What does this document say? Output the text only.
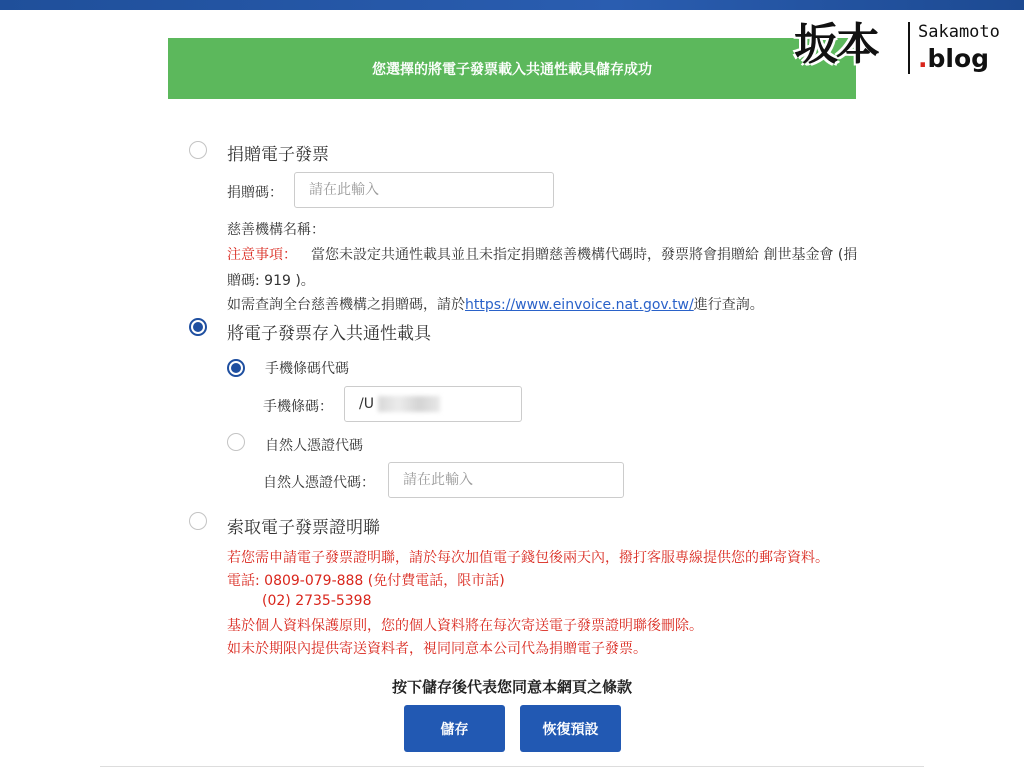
您選擇的將電子發票載入共通性載具儲存成功	坂本 Sakamoto
.blog
捐贈電子發票
捐贈碼：
請在此輸入
慈善機構名稱：
注意事項： 當您未設定共通性載具並且未指定捐贈慈善機構代碼時，發票將會捐贈給 創世基金會 (捐
贈碼: 919 )。
如需查詢全台慈善機構之捐贈碼，請於https://www.einvoice.nat.gov.tw/進行查詢。
將電子發票存入共通性載具
手機條碼代碼
手機條碼：
/U
自然人憑證代碼
自然人憑證代碼：
請在此輸入
索取電子發票證明聯
若您需申請電子發票證明聯，請於每次加值電子錢包後兩天內，撥打客服專線提供您的郵寄資料。
電話: 0809-079-888 (免付費電話，限市話)
(02) 2735-5398
基於個人資料保護原則，您的個人資料將在每次寄送電子發票證明聯後刪除。
如未於期限內提供寄送資料者，視同同意本公司代為捐贈電子發票。
按下儲存後代表您同意本網頁之條款
儲存	恢復預設
